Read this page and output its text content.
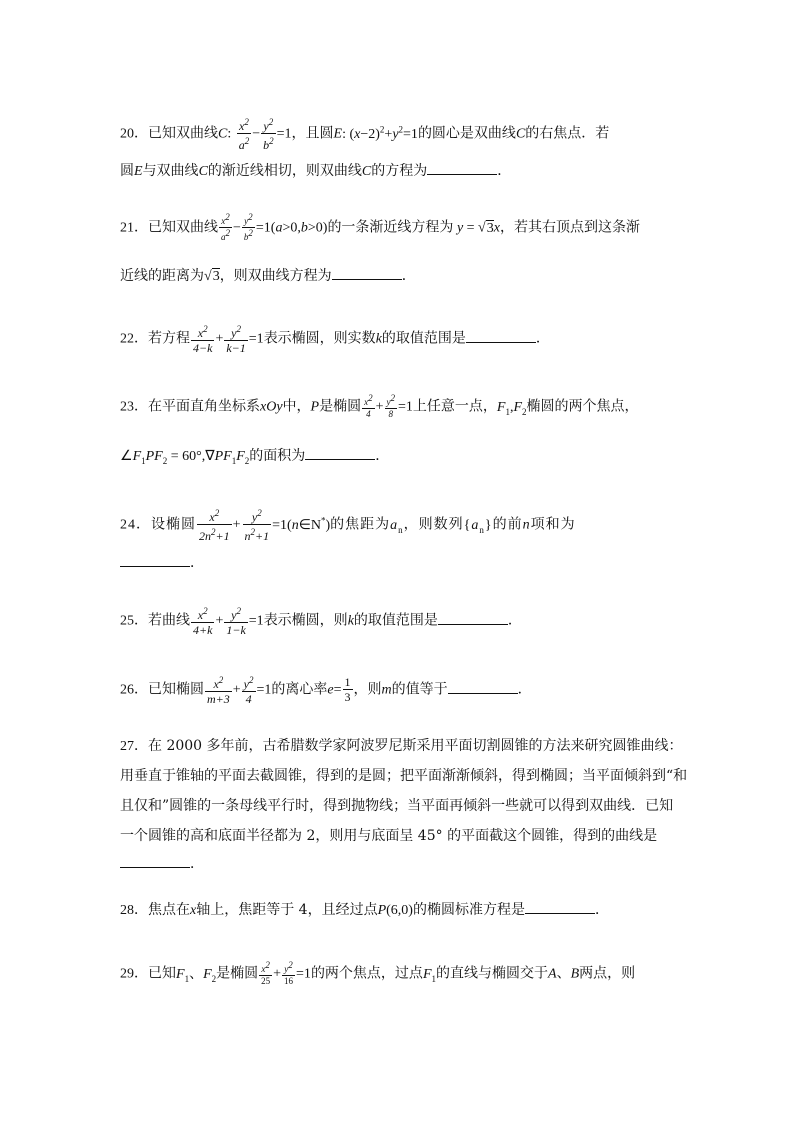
20．已知双曲线C: $\frac{x^2}{a^2} - \frac{y^2}{b^2} =1$，且圆E: $(x-2)^2+y^2=1$的圆心是双曲线C的右焦点．若
圆E与双曲线C的渐近线相切，则双曲线C的方程为	．
21．已知双曲线 $\frac{x2}{a2} - \frac{y2}{b2} =1(a>0,b>0)$的一条渐近线方程为 y = √3x，若其右顶点到这条渐
近线的距离为√3，则双曲线方程为	．
22．若方程 $\frac{x^2}{4-k} + \frac{y^2}{k-1} =1$表示椭圆，则实数k的取值范围是	．
23．在平面直角坐标系xOy中，P是椭圆 $\frac{x2}{4} + \frac{y2}{8} =1$上任意一点，$F_1,F_2$椭圆的两个焦点，
$\angle F_1PF_2 = 60^\circ,\nabla PF_1F_2$的面积为	．
24．设椭圆 $\frac{x^2}{2n^2+1} + \frac{y^2}{n^2+1}$ =1(n∈N*)的焦距为$a_n$，则数列$\{a_n\}$的前n项和为
．
25．若曲线 $\frac{x^2}{4+k} + \frac{y^2}{1-k} =1$表示椭圆，则k的取值范围是	．
26．已知椭圆 $\frac{x^2}{m+3} + \frac{y^2}{4} =1$的离心率$e= \frac{1}{3}$ ，则m的值等于	．
27．在 2000 多年前，古希腊数学家阿波罗尼斯采用平面切割圆锥的方法来研究圆锥曲线：
用垂直于锥轴的平面去截圆锥，得到的是圆；把平面渐渐倾斜，得到椭圆；当平面倾斜到“和
且仅和”圆锥的一条母线平行时，得到抛物线；当平面再倾斜一些就可以得到双曲线．已知
一个圆锥的高和底面半径都为 2，则用与底面呈 45° 的平面截这个圆锥，得到的曲线是
．
28．焦点在x轴上，焦距等于 4，且经过点P(6,0)的椭圆标准方程是	．
29．已知$F_1$、$F_2$是椭圆 $\frac{x2}{25} + \frac{y2}{16} =1$的两个焦点，过点$F_1$的直线与椭圆交于A、B两点，则
